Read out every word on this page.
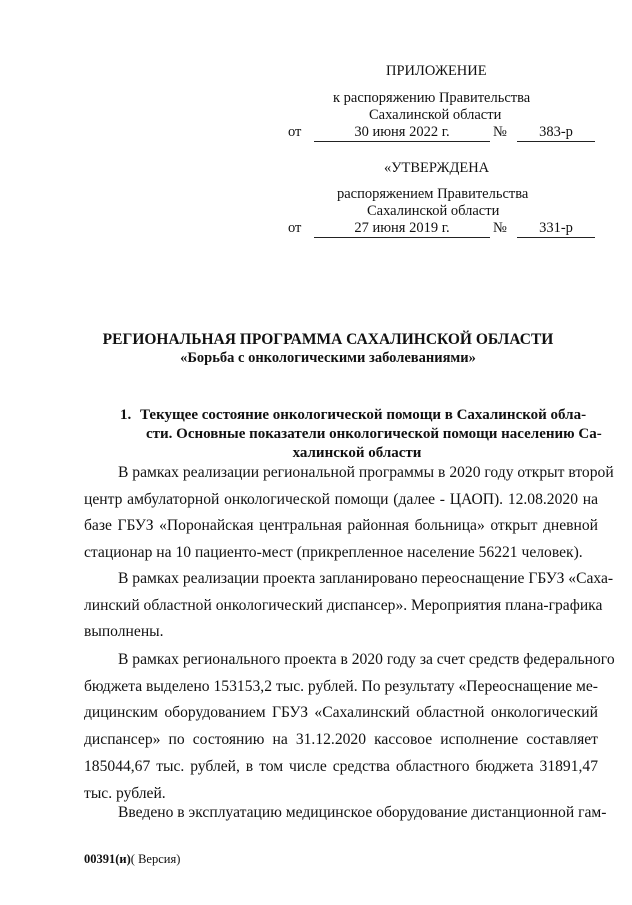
ПРИЛОЖЕНИЕ
к распоряжению Правительства
Сахалинской области
от	30 июня 2022 г.	№	383-р
«УТВЕРЖДЕНА
распоряжением Правительства
Сахалинской области
от	27 июня 2019 г.	№	331-р
РЕГИОНАЛЬНАЯ ПРОГРАММА САХАЛИНСКОЙ ОБЛАСТИ
«Борьба с онкологическими заболеваниями»
1. Текущее состояние онкологической помощи в Сахалинской обла-
сти. Основные показатели онкологической помощи населению Са-
халинской области
В рамках реализации региональной программы в 2020 году открыт второй
центр амбулаторной онкологической помощи (далее - ЦАОП). 12.08.2020 на
базе ГБУЗ «Поронайская центральная районная больница» открыт дневной
стационар на 10 пациенто-мест (прикрепленное население 56221 человек).
В рамках реализации проекта запланировано переоснащение ГБУЗ «Саха-
линский областной онкологический диспансер». Мероприятия плана-графика
выполнены.
В рамках регионального проекта в 2020 году за счет средств федерального
бюджета выделено 153153,2 тыс. рублей. По результату «Переоснащение ме-
дицинским оборудованием ГБУЗ «Сахалинский областной онкологический
диспансер» по состоянию на 31.12.2020 кассовое исполнение составляет
185044,67 тыс. рублей, в том числе средства областного бюджета 31891,47
тыс. рублей.
Введено в эксплуатацию медицинское оборудование дистанционной гам-
00391(и)( Версия)
